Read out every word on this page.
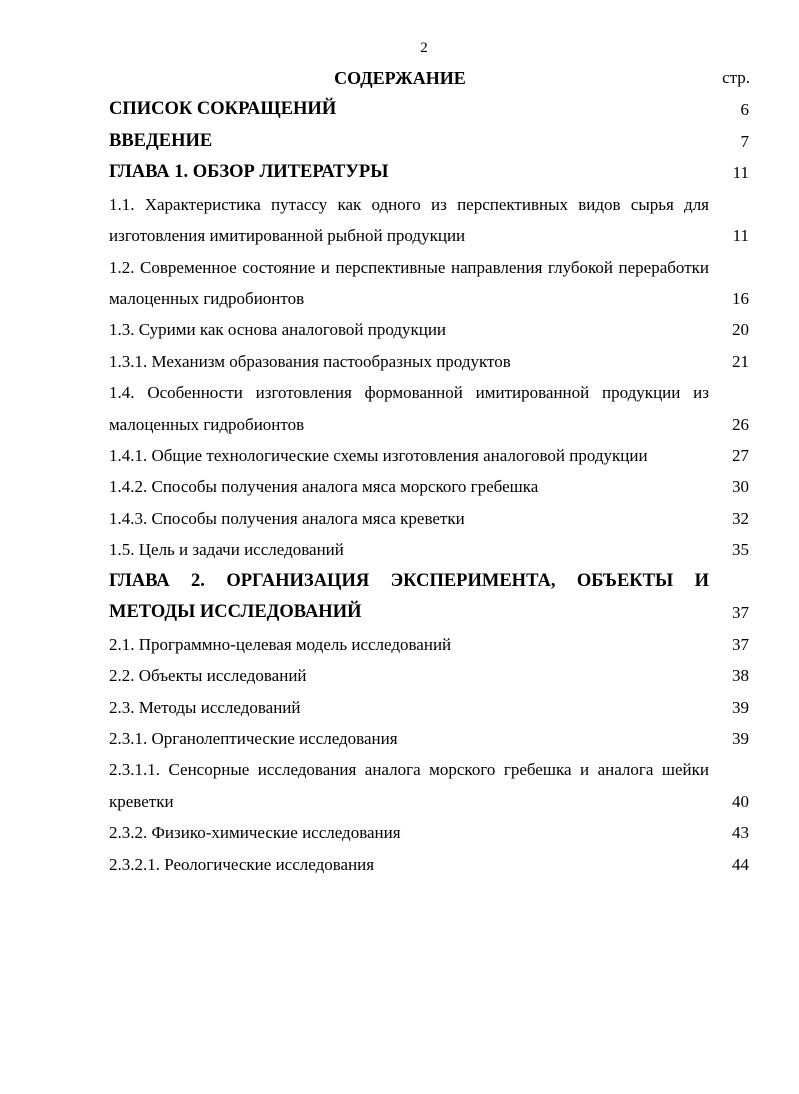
2
СОДЕРЖАНИЕ	стр.
СПИСОК СОКРАЩЕНИЙ	6
ВВЕДЕНИЕ	7
ГЛАВА 1. ОБЗОР ЛИТЕРАТУРЫ	11
1.1. Характеристика путассу как одного из перспективных видов сырья для изготовления имитированной рыбной продукции	11
1.2. Современное состояние и перспективные направления глубокой переработки малоценных гидробионтов	16
1.3. Сурими как основа аналоговой продукции	20
1.3.1. Механизм образования пастообразных продуктов	21
1.4. Особенности изготовления формованной имитированной продукции из малоценных гидробионтов	26
1.4.1. Общие технологические схемы изготовления аналоговой продукции	27
1.4.2. Способы получения аналога мяса морского гребешка	30
1.4.3. Способы получения аналога мяса креветки	32
1.5. Цель и задачи исследований	35
ГЛАВА 2. ОРГАНИЗАЦИЯ ЭКСПЕРИМЕНТА, ОБЪЕКТЫ И МЕТОДЫ ИССЛЕДОВАНИЙ	37
2.1. Программно-целевая модель исследований	37
2.2. Объекты исследований	38
2.3. Методы исследований	39
2.3.1. Органолептические исследования	39
2.3.1.1. Сенсорные исследования аналога морского гребешка и аналога шейки креветки	40
2.3.2. Физико-химические исследования	43
2.3.2.1. Реологические исследования	44
